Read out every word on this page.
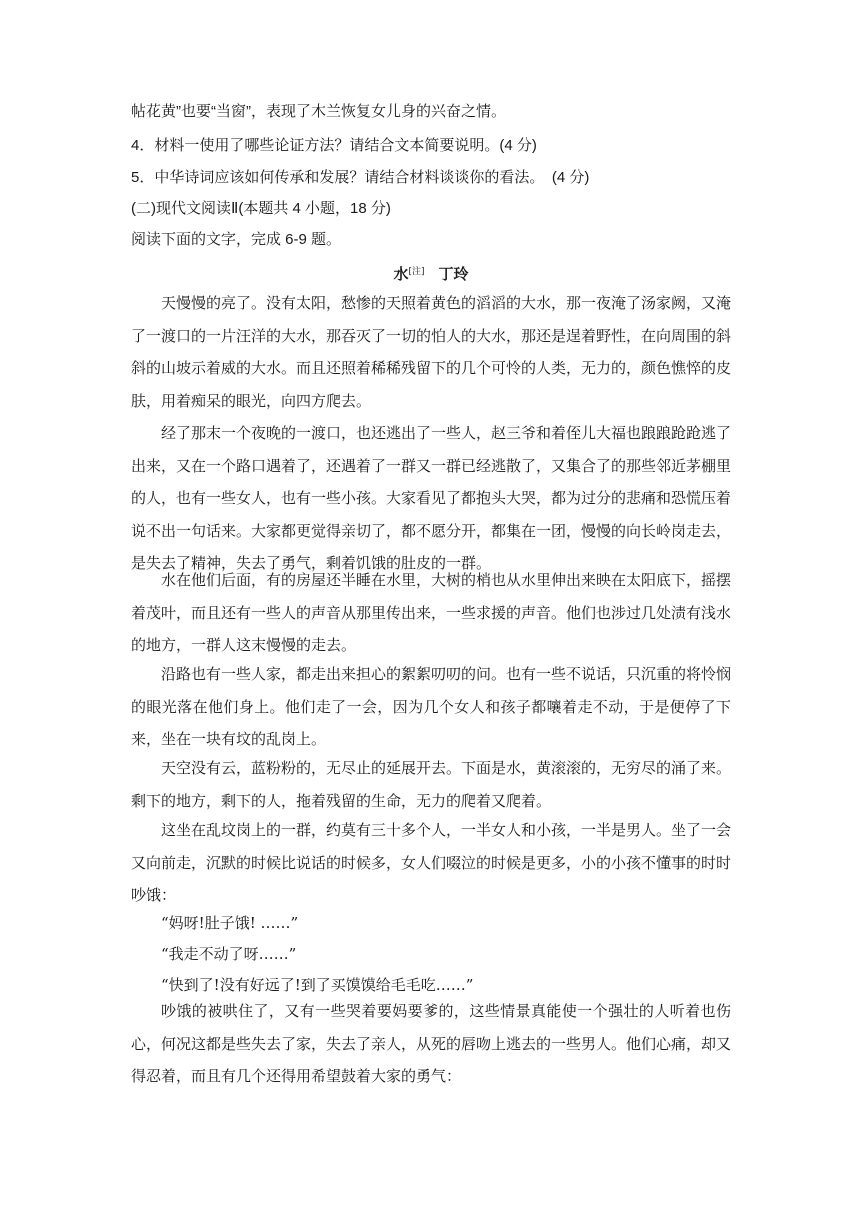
帖花黄”也要“当窗”，表现了木兰恢复女儿身的兴奋之情。
4．材料一使用了哪些论证方法？请结合文本简要说明。(4 分)
5．中华诗词应该如何传承和发展？请结合材料谈谈你的看法。　(4 分)
(二)现代文阅读Ⅱ(本题共 4 小题，18 分)
阅读下面的文字，完成 6-9 题。
水[注] 丁玲
天慢慢的亮了。没有太阳，愁惨的天照着黄色的滔滔的大水，那一夜淹了汤家阙，又淹了一渡口的一片汪洋的大水，那吞灭了一切的怕人的大水，那还是逞着野性，在向周围的斜斜的山坡示着威的大水。而且还照着稀稀残留下的几个可怜的人类，无力的，颜色憔悴的皮肤，用着痴呆的眼光，向四方爬去。
经了那末一个夜晚的一渡口，也还逃出了一些人，赵三爷和着侄儿大福也踉踉跄跄逃了出来，又在一个路口遇着了，还遇着了一群又一群已经逃散了，又集合了的那些邻近茅棚里的人，也有一些女人，也有一些小孩。大家看见了都抱头大哭，都为过分的悲痛和恐慌压着说不出一句话来。大家都更觉得亲切了，都不愿分开，都集在一团，慢慢的向长岭岗走去，是失去了精神，失去了勇气，剩着饥饿的肚皮的一群。
水在他们后面，有的房屋还半睡在水里，大树的梢也从水里伸出来映在太阳底下，摇摆着茂叶，而且还有一些人的声音从那里传出来，一些求援的声音。他们也涉过几处渍有浅水的地方，一群人这末慢慢的走去。
沿路也有一些人家，都走出来担心的絮絮叨叨的问。也有一些不说话，只沉重的将怜悯的眼光落在他们身上。他们走了一会，因为几个女人和孩子都嚷着走不动，于是便停了下来，坐在一块有坟的乱岗上。
天空没有云，蓝粉粉的，无尽止的延展开去。下面是水，黄滚滚的，无穷尽的涌了来。剩下的地方，剩下的人，拖着残留的生命，无力的爬着又爬着。
这坐在乱坟岗上的一群，约莫有三十多个人，一半女人和小孩，一半是男人。坐了一会又向前走，沉默的时候比说话的时候多，女人们啜泣的时候是更多，小的小孩不懂事的时时吵饿：
“妈呀!肚子饿! ……”
“我走不动了呀……”
“快到了!没有好远了!到了买馍馍给毛毛吃……”
吵饿的被哄住了，又有一些哭着要妈要爹的，这些情景真能使一个强壮的人听着也伤心，何况这都是些失去了家，失去了亲人，从死的唇吻上逃去的一些男人。他们心痛，却又得忍着，而且有几个还得用希望鼓着大家的勇气：
